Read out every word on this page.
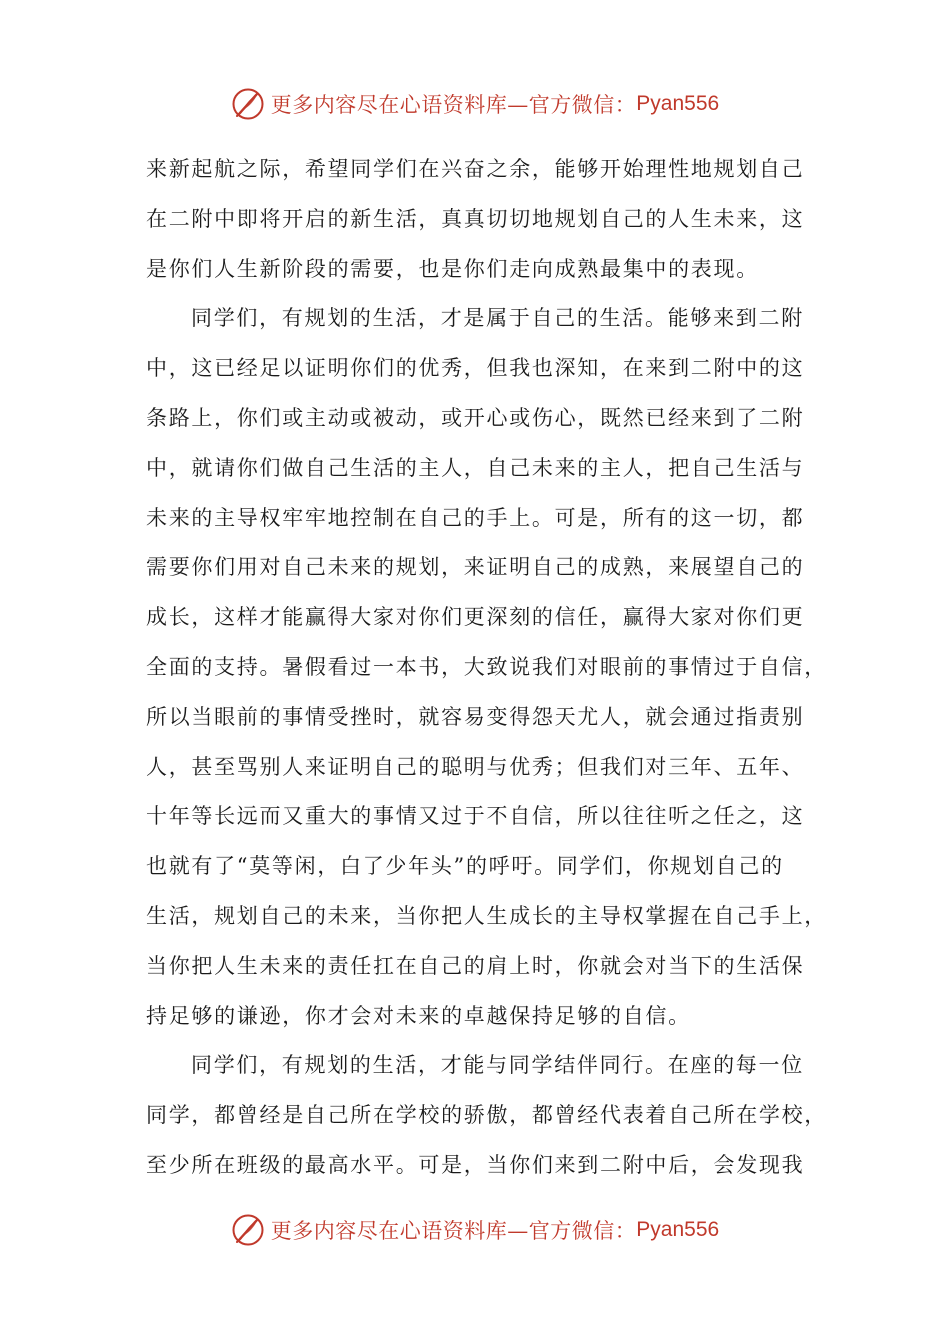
更多内容尽在心语资料库—官方微信： Pyan556
来新起航之际，希望同学们在兴奋之余，能够开始理性地规划自己
在二附中即将开启的新生活，真真切切地规划自己的人生未来，这
是你们人生新阶段的需要，也是你们走向成熟最集中的表现。
同学们，有规划的生活，才是属于自己的生活。能够来到二附
中，这已经足以证明你们的优秀，但我也深知，在来到二附中的这
条路上，你们或主动或被动，或开心或伤心，既然已经来到了二附
中，就请你们做自己生活的主人，自己未来的主人，把自己生活与
未来的主导权牢牢地控制在自己的手上。可是，所有的这一切，都
需要你们用对自己未来的规划，来证明自己的成熟，来展望自己的
成长，这样才能赢得大家对你们更深刻的信任，赢得大家对你们更
全面的支持。暑假看过一本书，大致说我们对眼前的事情过于自信，
所以当眼前的事情受挫时，就容易变得怨天尤人，就会通过指责别
人，甚至骂别人来证明自己的聪明与优秀；但我们对三年、五年、
十年等长远而又重大的事情又过于不自信，所以往往听之任之，这
也就有了“莫等闲，白了少年头”的呼吁。同学们，你规划自己的
生活，规划自己的未来，当你把人生成长的主导权掌握在自己手上，
当你把人生未来的责任扛在自己的肩上时，你就会对当下的生活保
持足够的谦逊，你才会对未来的卓越保持足够的自信。
同学们，有规划的生活，才能与同学结伴同行。在座的每一位
同学，都曾经是自己所在学校的骄傲，都曾经代表着自己所在学校，
至少所在班级的最高水平。可是，当你们来到二附中后，会发现我
更多内容尽在心语资料库—官方微信： Pyan556
